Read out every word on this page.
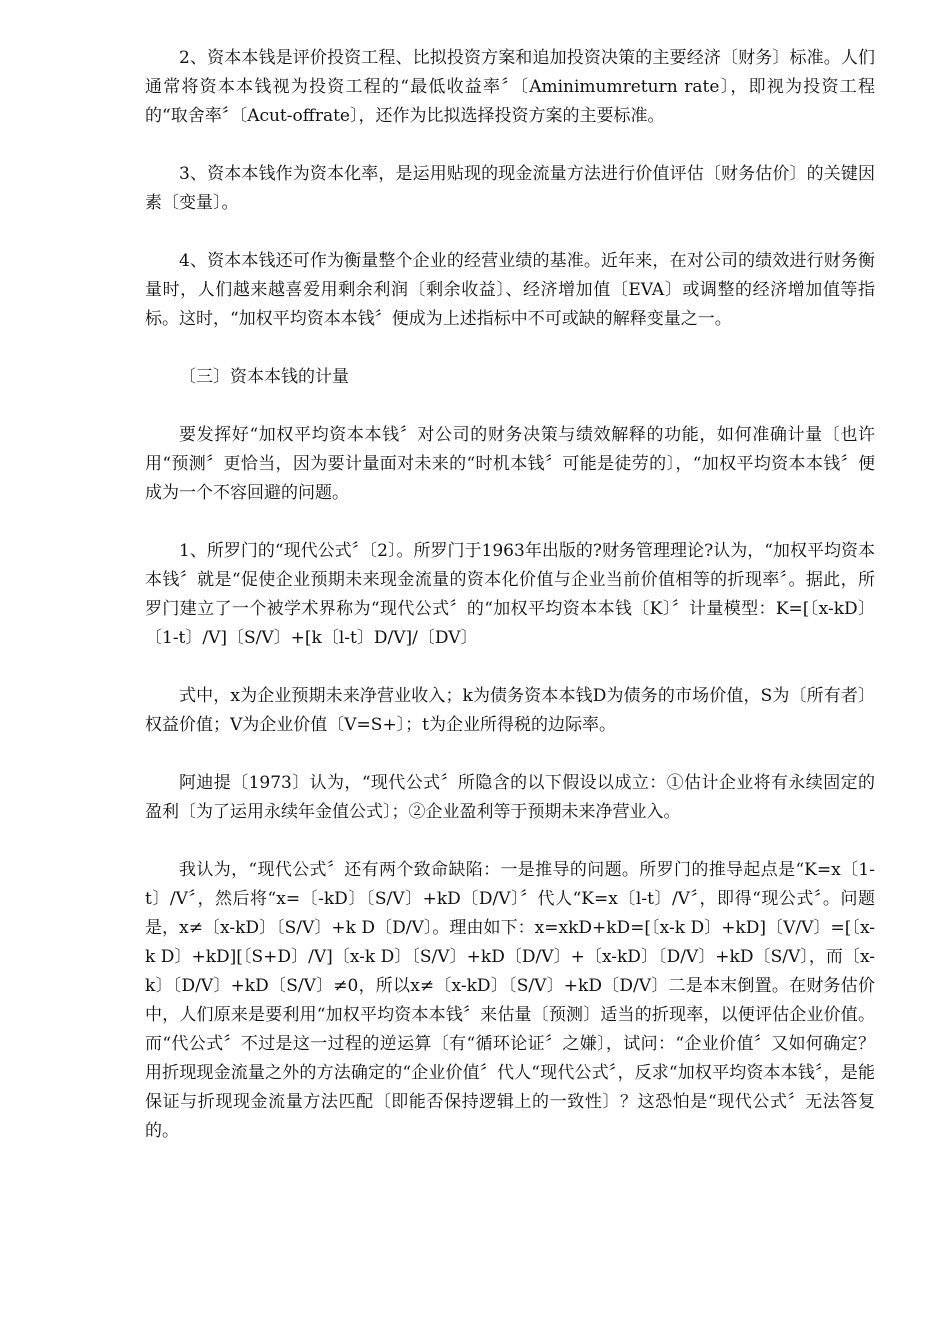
2、资本本钱是评价投资工程、比拟投资方案和追加投资决策的主要经济〔财务〕标准。人们通常将资本本钱视为投资工程的“最低收益率〞〔Aminimumreturn rate〕，即视为投资工程的“取舍率〞〔Acut-offrate〕，还作为比拟选择投资方案的主要标准。

3、资本本钱作为资本化率，是运用贴现的现金流量方法进行价值评估〔财务估价〕的关键因素〔变量〕。

4、资本本钱还可作为衡量整个企业的经营业绩的基准。近年来，在对公司的绩效进行财务衡量时，人们越来越喜爱用剩余利润〔剩余收益〕、经济增加值〔EVA〕或调整的经济增加值等指标。这时，“加权平均资本本钱〞便成为上述指标中不可或缺的解释变量之一。

〔三〕资本本钱的计量

要发挥好“加权平均资本本钱〞对公司的财务决策与绩效解释的功能，如何准确计量〔也许用“预测〞更恰当，因为要计量面对未来的“时机本钱〞可能是徒劳的〕，“加权平均资本本钱〞便成为一个不容回避的问题。

1、所罗门的“现代公式〞〔2〕。所罗门于1963年出版的?财务管理理论?认为，“加权平均资本本钱〞就是“促使企业预期未来现金流量的资本化价值与企业当前价值相等的折现率〞。据此，所罗门建立了一个被学术界称为“现代公式〞的“加权平均资本本钱〔K〕〞计量模型：K=[〔x-kD〕〔1-t〕/V]〔S/V〕+[k〔l-t〕D/V]/〔DV〕

式中，x为企业预期未来净营业收入；k为债务资本本钱D为债务的市场价值，S为〔所有者〕权益价值；V为企业价值〔V=S+〕；t为企业所得税的边际率。

阿迪提〔1973〕认为，“现代公式〞所隐含的以下假设以成立：①估计企业将有永续固定的盈利〔为了运用永续年金值公式〕；②企业盈利等于预期未来净营业入。

我认为，“现代公式〞还有两个致命缺陷：一是推导的问题。所罗门的推导起点是“K=x〔1-t〕/V〞，然后将“x=〔-kD〕〔S/V〕+kD〔D/V〕〞代人“K=x〔l-t〕/V〞，即得“现公式〞。问题是，x≠〔x-kD〕〔S/V〕+k D〔D/V〕。理由如下：x=xkD+kD=[〔x-k D〕+kD]〔V/V〕=[〔x-k D〕+kD][〔S+D〕/V]〔x-k D〕〔S/V〕+kD〔D/V〕+〔x-kD〕〔D/V〕+kD〔S/V〕，而〔x-k〕〔D/V〕+kD〔S/V〕≠0，所以x≠〔x-kD〕〔S/V〕+kD〔D/V〕二是本末倒置。在财务估价中，人们原来是要利用“加权平均资本本钱〞来估量〔预测〕适当的折现率，以便评估企业价值。而“代公式〞不过是这一过程的逆运算〔有“循环论证〞之嫌〕，试问：“企业价值〞又如何确定？用折现现金流量之外的方法确定的“企业价值〞代人“现代公式〞，反求“加权平均资本本钱〞，是能保证与折现现金流量方法匹配〔即能否保持逻辑上的一致性〕？这恐怕是“现代公式〞无法答复的。
